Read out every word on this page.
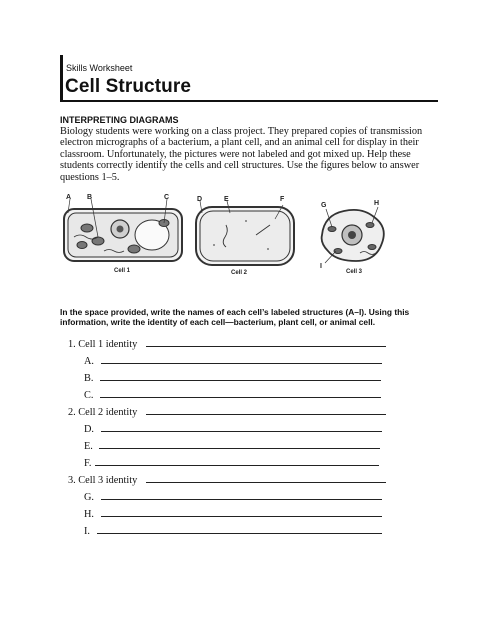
Skills Worksheet
Cell Structure
INTERPRETING DIAGRAMS
Biology students were working on a class project. They prepared copies of transmission electron micrographs of a bacterium, a plant cell, and an animal cell for display in their classroom. Unfortunately, the pictures were not labeled and got mixed up. Help these students correctly identify the cells and cell structures. Use the figures below to answer questions 1–5.
A B	C
Cell 1
D	E	F
Cell 2
G	H
I
Cell 3
In the space provided, write the names of each cell’s labeled structures (A–I). Using this information, write the identity of each cell—bacterium, plant cell, or animal cell.
1. Cell 1 identity
A.
B.
C.
2. Cell 2 identity
D.
E.
F.
3. Cell 3 identity
G.
H.
I.
